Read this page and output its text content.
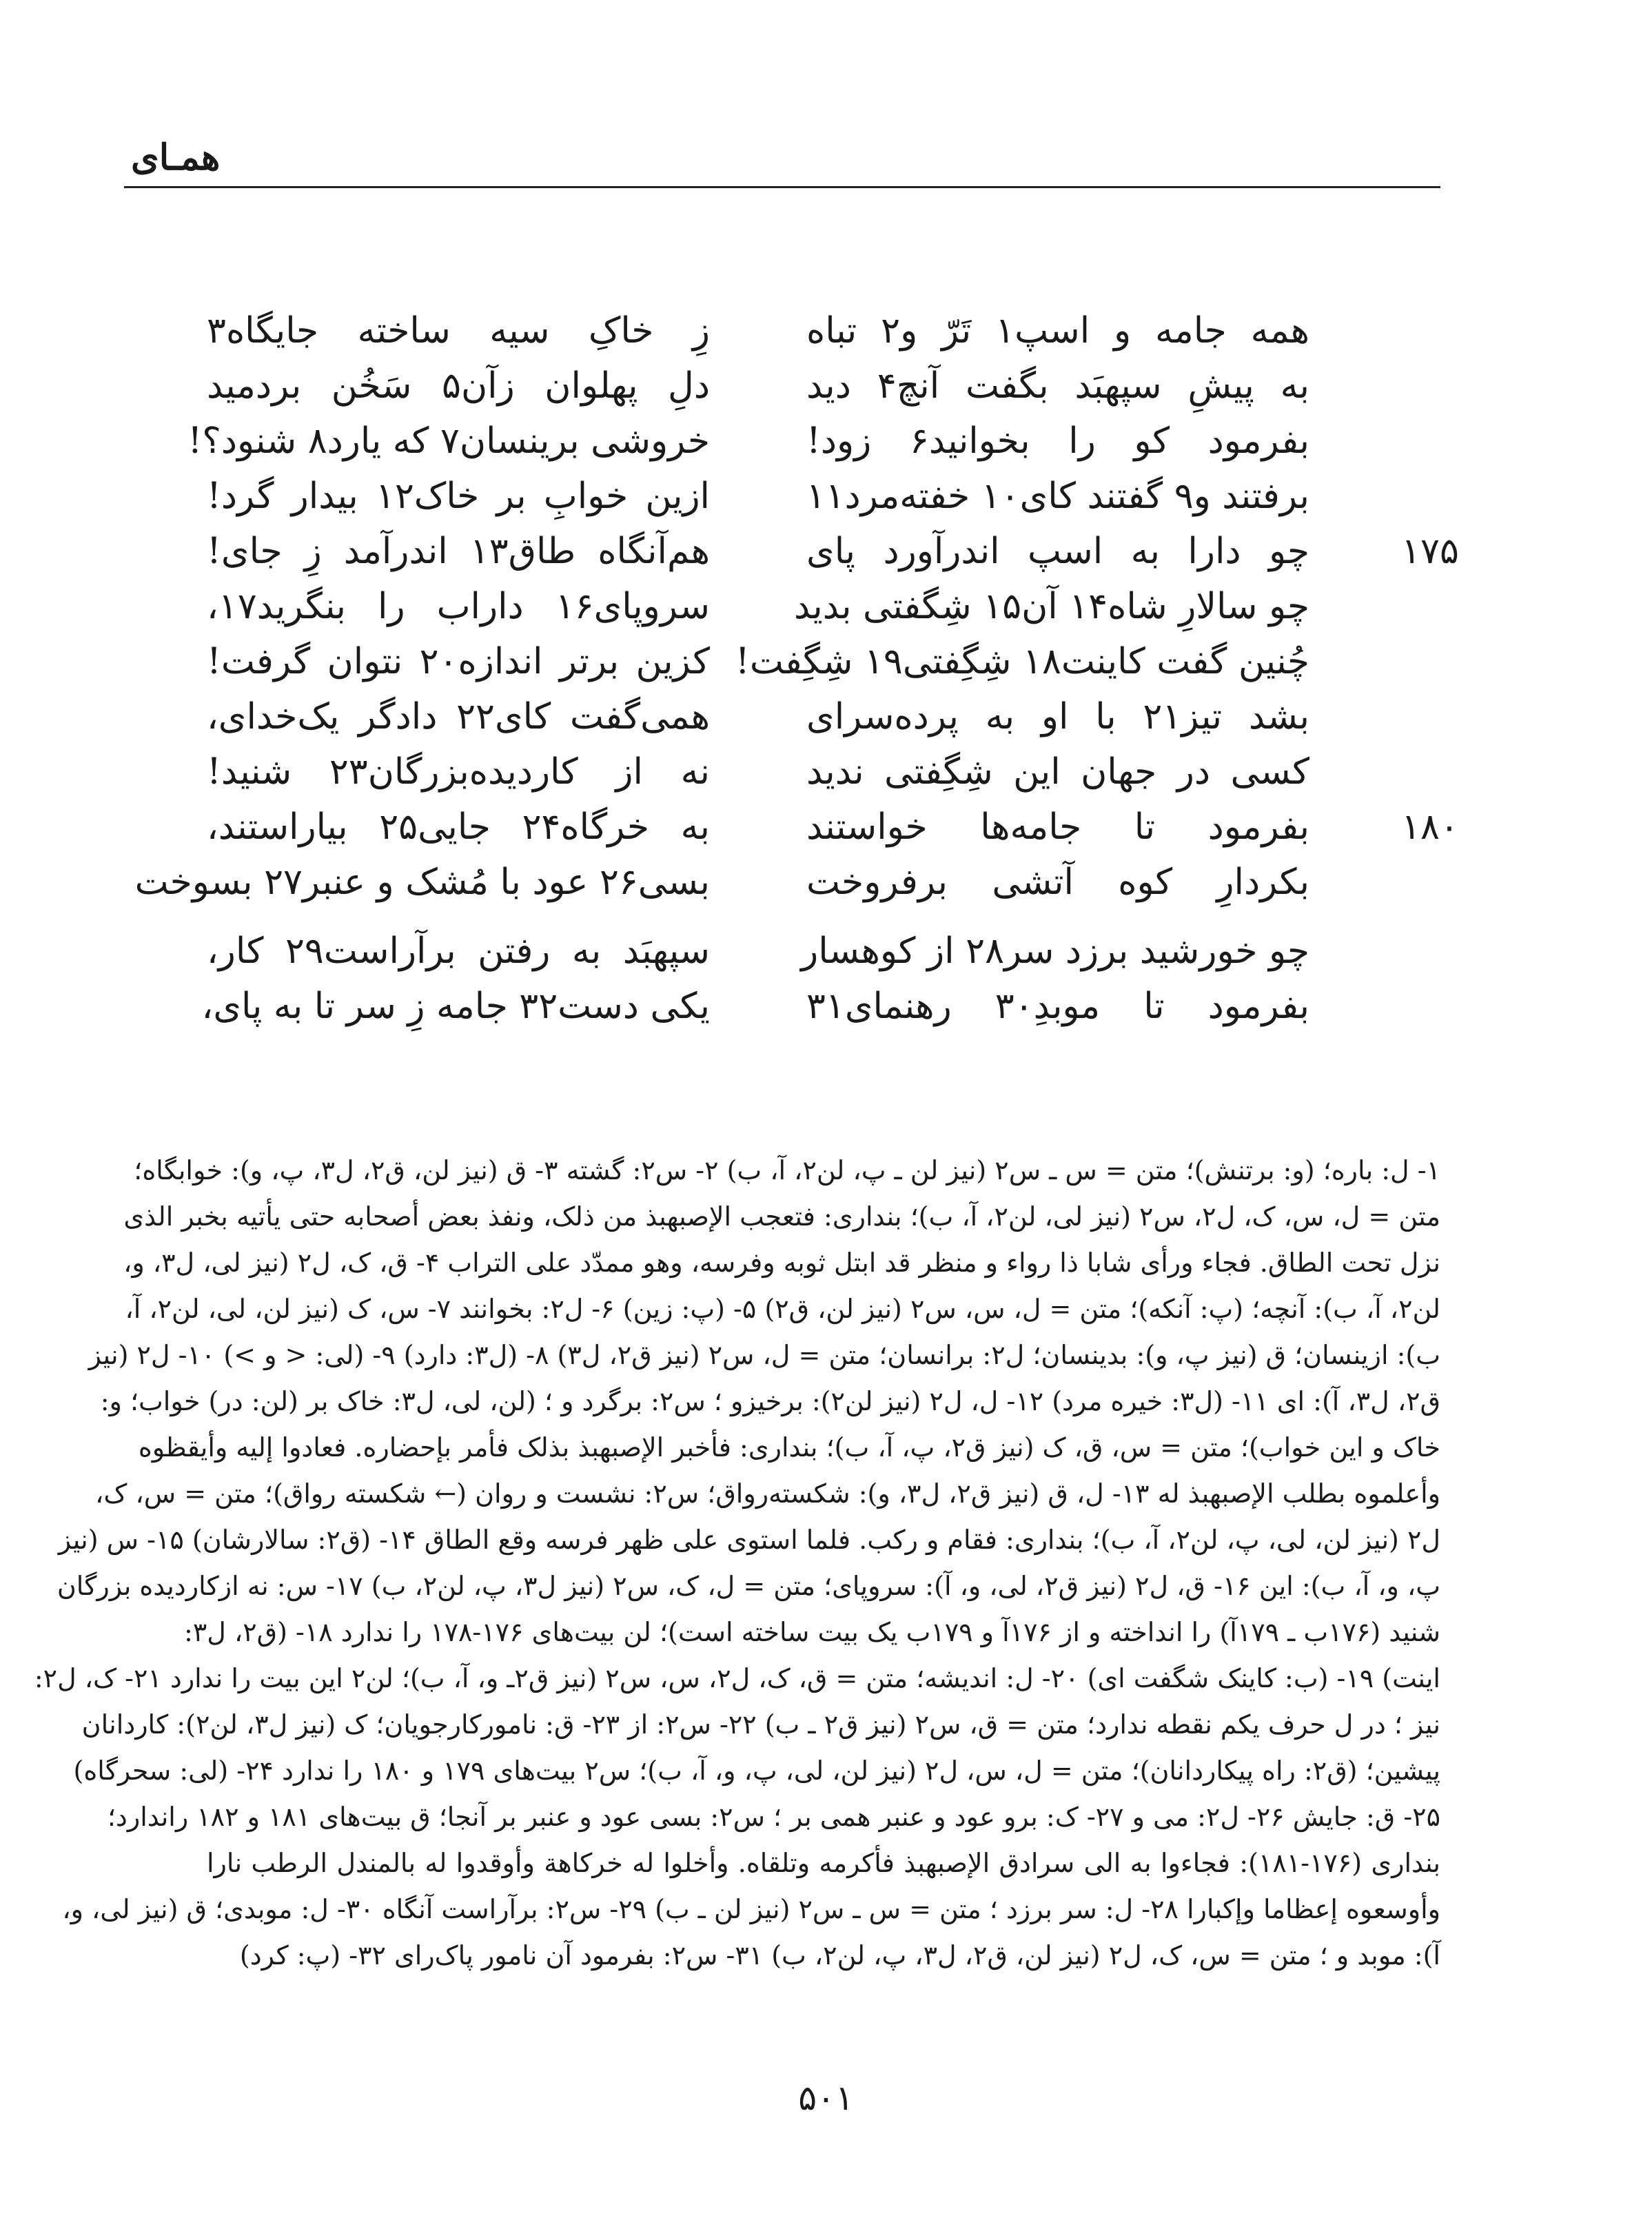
همـای
همه جامه و اسپ۱ تَرّ و۲ تباه
زِ خاکِ سیه ساخته جایگاه۳
به پیشِ سپهبَد بگفت آنچ۴ دید
دلِ پهلوان زآن۵ سَخُن بردمید
بفرمود کو را بخوانید۶ زود!
خروشی برینسان۷ که یارد۸ شنود؟!
برفتند و۹ گفتند کای۱۰ خفته‌مرد۱۱
ازین خوابِ بر خاک۱۲ بیدار گرد!
۱۷۵
چو دارا به اسپ اندرآورد پای
هم‌آنگاه طاق۱۳ اندرآمد زِ جای!
چو سالارِ شاه۱۴ آن۱۵ شِگفتی بدید
سروپای۱۶ داراب را بنگرید۱۷،
چُنین گفت کاینت۱۸ شِگِفتی۱۹ شِگِفت!
کزین برتر اندازه۲۰ نتوان گرفت!
بشد تیز۲۱ با او به پرده‌سرای
همی‌گفت کای۲۲ دادگر یک‌خدای،
کسی در جهان این شِگِفتی ندید
نه از کاردیده‌بزرگان۲۳ شنید!
۱۸۰
بفرمود تا جامه‌ها خواستند
به خرگاه۲۴ جایی۲۵ بیاراستند،
بکردارِ کوه آتشی برفروخت
بسی۲۶ عود با مُشک و عنبر۲۷ بسوخت
چو خورشید برزد سر۲۸ از کوهسار
سپهبَد به رفتن برآراست۲۹ کار،
بفرمود تا موبدِ۳۰ رهنمای۳۱
یکی دست۳۲ جامه زِ سر تا به پای،
۱- ل: باره؛ (و: برتنش)؛ متن = س ـ س۲ (نیز لن ـ پ، لن۲، آ، ب) ۲- س۲: گشته ۳- ق (نیز لن، ق۲، ل۳، پ، و): خوابگاه؛
متن = ل، س، ک، ل۲، س۲ (نیز لی، لن۲، آ، ب)؛ بنداری: فتعجب الإصبهبذ من ذلک، ونفذ بعض أصحابه حتی یأتیه بخبر الذی
نزل تحت الطاق. فجاء ورأی شابا ذا رواء و منظر قد ابتل ثوبه وفرسه، وهو ممدّد علی التراب ۴- ق، ک، ل۲ (نیز لی، ل۳، و،
لن۲، آ، ب): آنچه؛ (پ: آنکه)؛ متن = ل، س، س۲ (نیز لن، ق۲) ۵- (پ: زین) ۶- ل۲: بخوانند ۷- س، ک (نیز لن، لی، لن۲، آ،
ب): ازینسان؛ ق (نیز پ، و): بدینسان؛ ل۲: برانسان؛ متن = ل، س۲ (نیز ق۲، ل۳) ۸- (ل۳: دارد) ۹- (لی: < و >) ۱۰- ل۲ (نیز
ق۲، ل۳، آ): ای ۱۱- (ل۳: خیره مرد) ۱۲- ل، ل۲ (نیز لن۲): برخیزو ؛ س۲: برگرد و ؛ (لن، لی، ل۳: خاک بر (لن: در) خواب؛ و:
خاک و این خواب)؛ متن = س، ق، ک (نیز ق۲، پ، آ، ب)؛ بنداری: فأخبر الإصبهبذ بذلک فأمر بإحضاره. فعادوا إلیه وأیقظوه
وأعلموه بطلب الإصبهبذ له ۱۳- ل، ق (نیز ق۲، ل۳، و): شکسته‌رواق؛ س۲: نشست و روان (← شکسته رواق)؛ متن = س، ک،
ل۲ (نیز لن، لی، پ، لن۲، آ، ب)؛ بنداری: فقام و رکب. فلما استوی علی ظهر فرسه وقع الطاق ۱۴- (ق۲: سالارشان) ۱۵- س (نیز
پ، و، آ، ب): این ۱۶- ق، ل۲ (نیز ق۲، لی، و، آ): سروپای؛ متن = ل، ک، س۲ (نیز ل۳، پ، لن۲، ب) ۱۷- س: نه ازکاردیده بزرگان
شنید (۱۷۶ب ـ ۱۷۹آ) را انداخته و از ۱۷۶آ و ۱۷۹ب یک بیت ساخته است)؛ لن بیت‌های ۱۷۶-۱۷۸ را ندارد ۱۸- (ق۲، ل۳:
اینت) ۱۹- (ب: کاینک شگفت ای) ۲۰- ل: اندیشه؛ متن = ق، ک، ل۲، س، س۲ (نیز ق۲ـ و، آ، ب)؛ لن۲ این بیت را ندارد ۲۱- ک، ل۲:
نیز ؛ در ل حرف یکم نقطه ندارد؛ متن = ق، س۲ (نیز ق۲ ـ ب) ۲۲- س۲: از ۲۳- ق: نامورکارجویان؛ ک (نیز ل۳، لن۲): کاردانان
پیشین؛ (ق۲: راه پیکاردانان)؛ متن = ل، س، ل۲ (نیز لن، لی، پ، و، آ، ب)؛ س۲ بیت‌های ۱۷۹ و ۱۸۰ را ندارد ۲۴- (لی: سحرگاه)
۲۵- ق: جایش ۲۶- ل۲: می و ۲۷- ک: برو عود و عنبر همی بر ؛ س۲: بسی عود و عنبر بر آنجا؛ ق بیت‌های ۱۸۱ و ۱۸۲ راندارد؛
بنداری (۱۷۶-۱۸۱): فجاءوا به الی سرادق الإصبهبذ فأکرمه وتلقاه. وأخلوا له خرکاهة وأوقدوا له بالمندل الرطب نارا
وأوسعوه إعظاما وإکبارا ۲۸- ل: سر برزد ؛ متن = س ـ س۲ (نیز لن ـ ب) ۲۹- س۲: برآراست آنگاه ۳۰- ل: موبدی؛ ق (نیز لی، و،
آ): موبد و ؛ متن = س، ک، ل۲ (نیز لن، ق۲، ل۳، پ، لن۲، ب) ۳۱- س۲: بفرمود آن نامور پاک‌رای ۳۲- (پ: کرد)
۵۰۱
